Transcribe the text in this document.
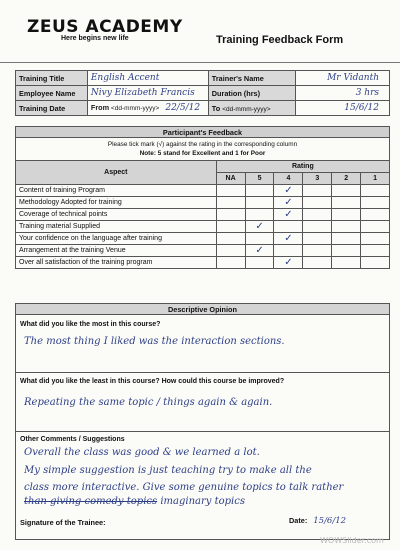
ZEUS ACADEMY
Here begins new life	Training Feedback Form
Training Title	English Accent	Trainer's Name	Mr Vidanth
Employee Name	Nivy Elizabeth Francis	Duration (hrs)	3 hrs
Training Date	From <dd-mmm-yyyy> 22/5/12	To <dd-mmm-yyyy>	15/6/12
Participant's Feedback
Please tick mark (√) against the rating in the corresponding column
Note: 5 stand for Excellent and 1 for Poor
Aspect	Rating					
	NA	5	4	3	2	1
Content of training Program			✓			
Methodology Adopted for training			✓			
Coverage of technical points			✓			
Training material Supplied		✓				
Your confidence on the language after training			✓			
Arrangement at the training Venue		✓				
Over all satisfaction of the training program			✓			
Descriptive Opinion
What did you like the most in this course?
The most thing I liked was the interaction sections.
What did you like the least in this course? How could this course be improved?
Repeating the same topic / things again & again.
Other Comments / Suggestions
Overall the class was good & we learned a lot.
My simple suggestion is just teaching try to make all the
class more interactive. Give some genuine topics to talk rather
than giving comedy topics imaginary topics
Signature of the Trainee:	Date: 15/6/12
WOWSlider.com
